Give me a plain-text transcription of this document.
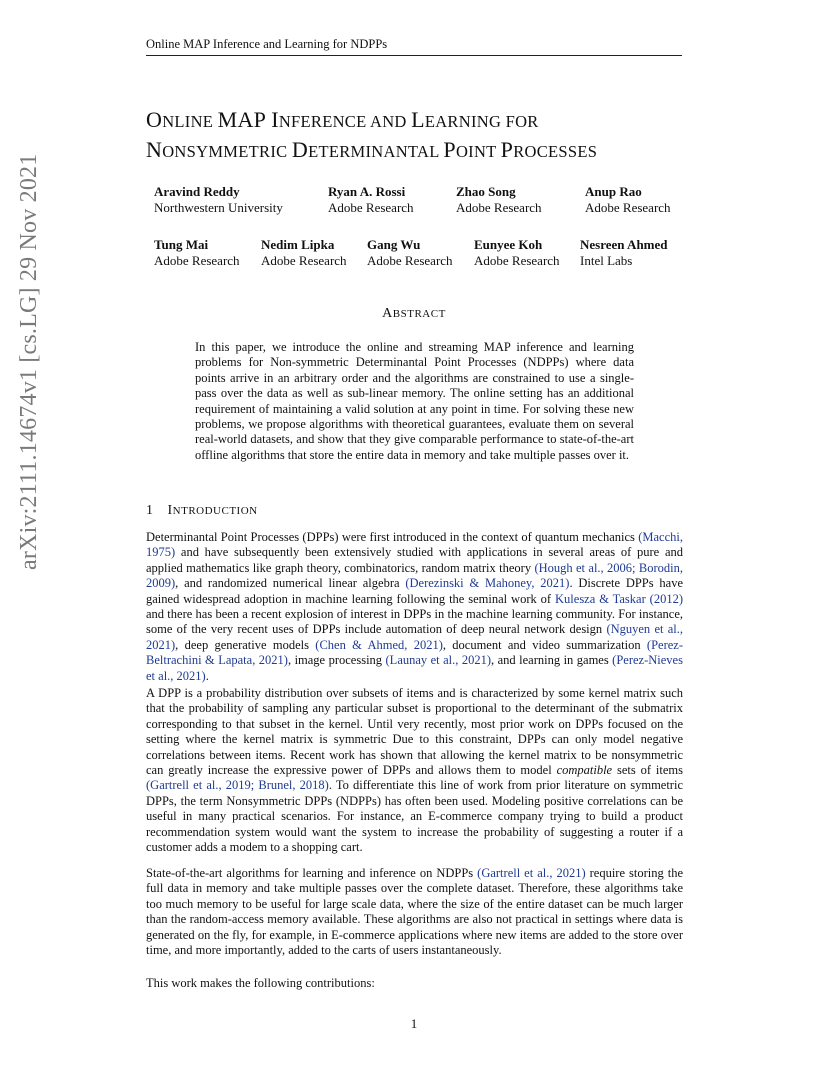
Online MAP Inference and Learning for NDPPs
ONLINE MAP INFERENCE AND LEARNING FOR
NONSYMMETRIC DETERMINANTAL POINT PROCESSES
Aravind Reddy
Northwestern University
Ryan A. Rossi
Adobe Research
Zhao Song
Adobe Research
Anup Rao
Adobe Research
Tung Mai
Adobe Research
Nedim Lipka
Adobe Research
Gang Wu
Adobe Research
Eunyee Koh
Adobe Research
Nesreen Ahmed
Intel Labs
arXiv:2111.14674v1 [cs.LG] 29 Nov 2021	ABSTRACT

In this paper, we introduce the online and streaming MAP inference and learning problems for Non-symmetric Determinantal Point Processes (NDPPs) where data points arrive in an arbitrary order and the algorithms are constrained to use a single-pass over the data as well as sub-linear memory. The online setting has an additional requirement of maintaining a valid solution at any point in time. For solving these new problems, we propose algorithms with theoretical guarantees, evaluate them on several real-world datasets, and show that they give comparable performance to state-of-the-art offline algorithms that store the entire data in memory and take multiple passes over it.

1 INTRODUCTION

Determinantal Point Processes (DPPs) were first introduced in the context of quantum mechanics (Macchi, 1975) and have subsequently been extensively studied with applications in several areas of pure and applied mathematics like graph theory, combinatorics, random matrix theory (Hough et al., 2006; Borodin, 2009), and randomized numerical linear algebra (Derezinski & Mahoney, 2021). Discrete DPPs have gained widespread adoption in machine learning following the seminal work of Kulesza & Taskar (2012) and there has been a recent explosion of interest in DPPs in the machine learning community. For instance, some of the very recent uses of DPPs include automation of deep neural network design (Nguyen et al., 2021), deep generative models (Chen & Ahmed, 2021), document and video summarization (Perez-Beltrachini & Lapata, 2021), image processing (Launay et al., 2021), and learning in games (Perez-Nieves et al., 2021).

A DPP is a probability distribution over subsets of items and is characterized by some kernel matrix such that the probability of sampling any particular subset is proportional to the determinant of the submatrix corresponding to that subset in the kernel. Until very recently, most prior work on DPPs focused on the setting where the kernel matrix is symmetric Due to this constraint, DPPs can only model negative correlations between items. Recent work has shown that allowing the kernel matrix to be nonsymmetric can greatly increase the expressive power of DPPs and allows them to model compatible sets of items (Gartrell et al., 2019; Brunel, 2018). To differentiate this line of work from prior literature on symmetric DPPs, the term Nonsymmetric DPPs (NDPPs) has often been used. Modeling positive correlations can be useful in many practical scenarios. For instance, an E-commerce company trying to build a product recommendation system would want the system to increase the probability of suggesting a router if a customer adds a modem to a shopping cart.

State-of-the-art algorithms for learning and inference on NDPPs (Gartrell et al., 2021) require storing the full data in memory and take multiple passes over the complete dataset. Therefore, these algorithms take too much memory to be useful for large scale data, where the size of the entire dataset can be much larger than the random-access memory available. These algorithms are also not practical in settings where data is generated on the fly, for example, in E-commerce applications where new items are added to the store over time, and more importantly, added to the carts of users instantaneously.

This work makes the following contributions:

1
